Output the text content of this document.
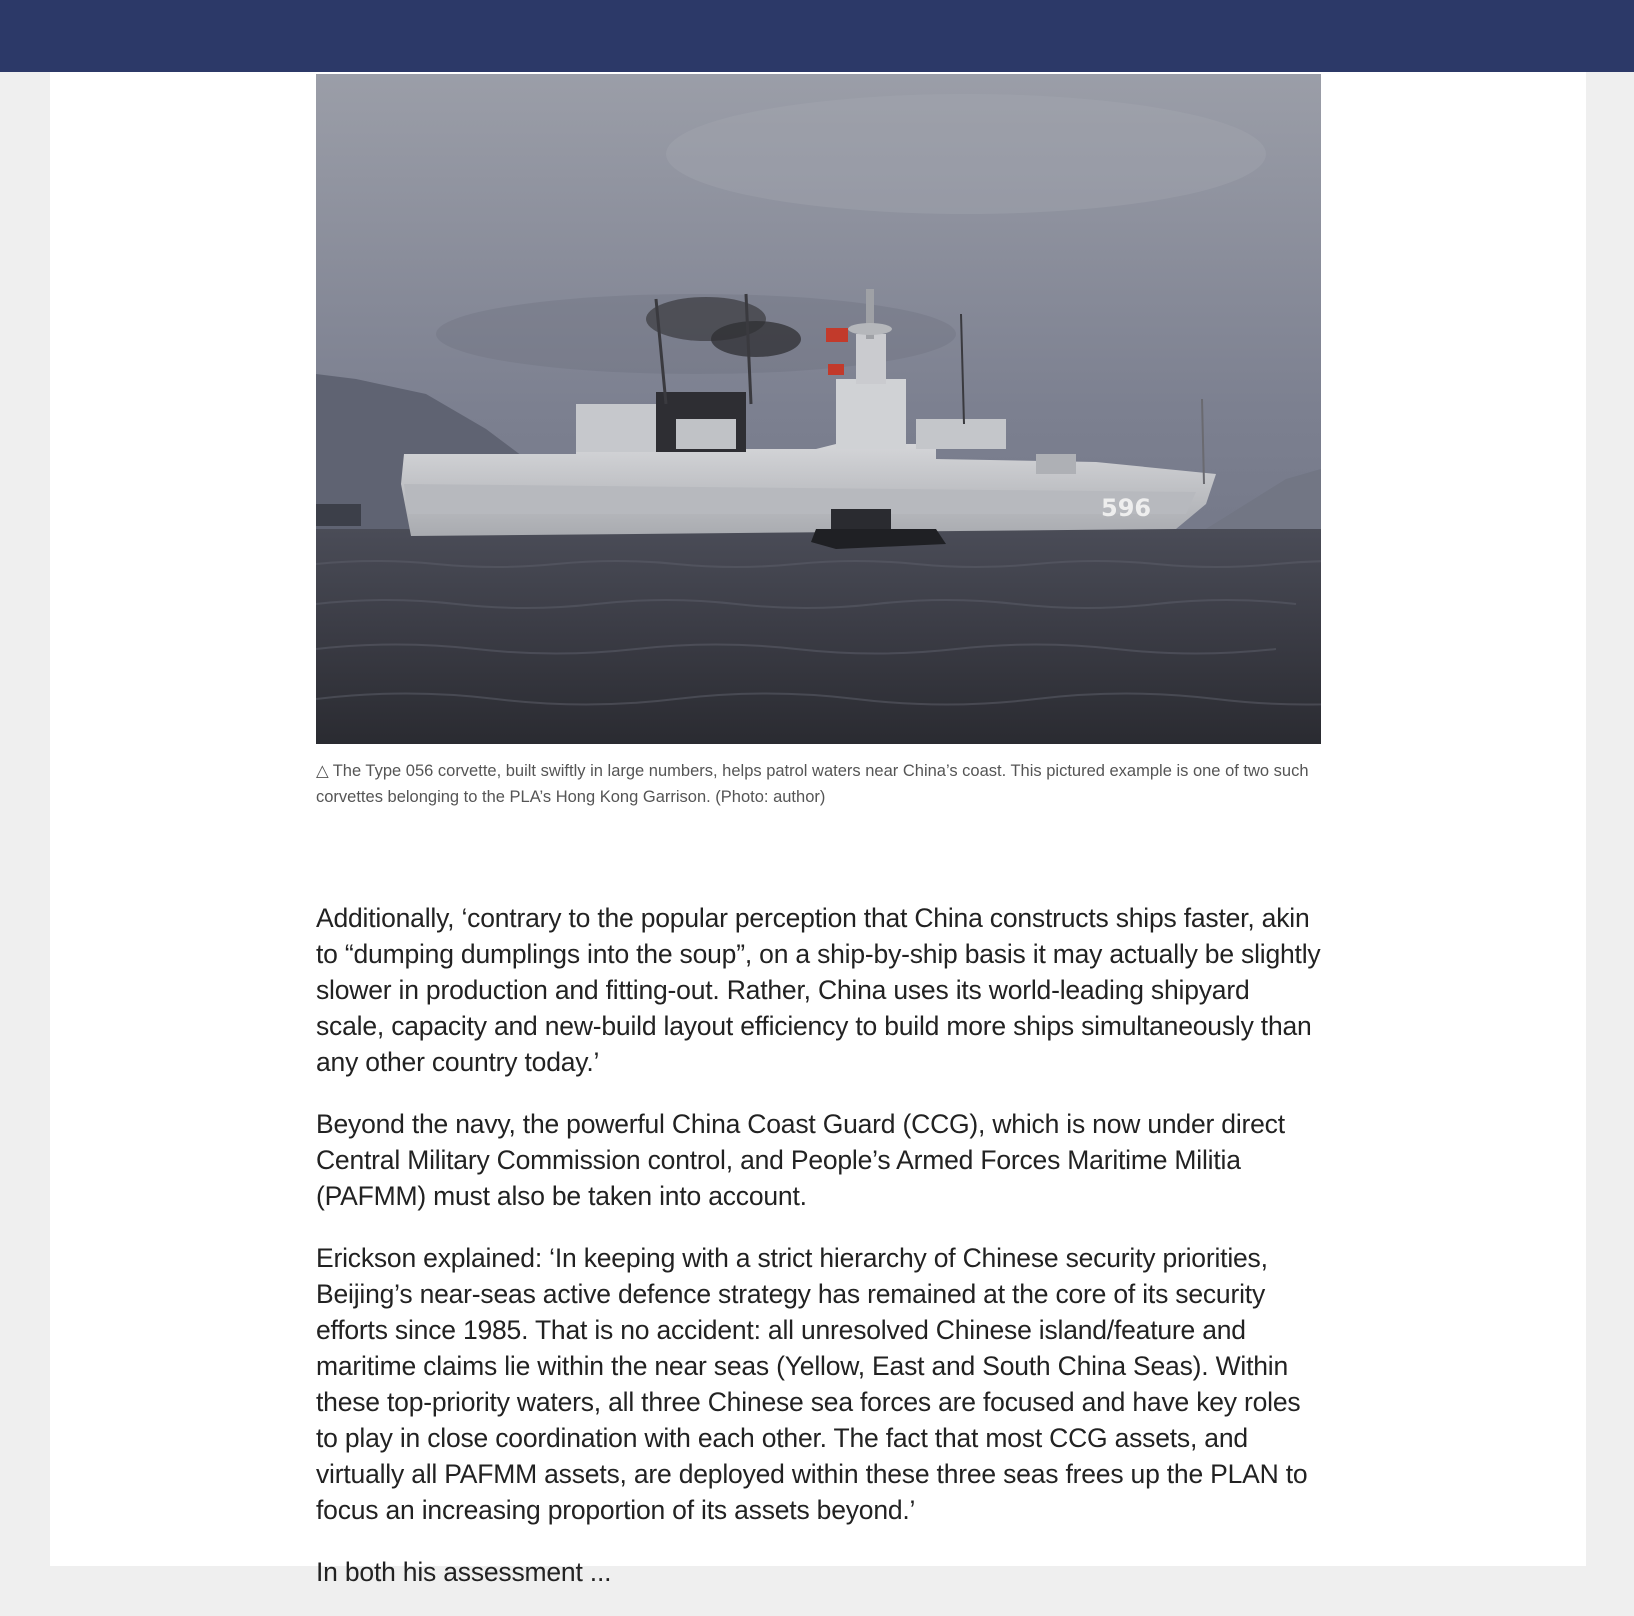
596
△ The Type 056 corvette, built swiftly in large numbers, helps patrol waters near China’s coast. This pictured example is one of two such corvettes belonging to the PLA’s Hong Kong Garrison. (Photo: author)

Additionally, ‘contrary to the popular perception that China constructs ships faster, akin to “dumping dumplings into the soup”, on a ship-by-ship basis it may actually be slightly slower in production and fitting-out. Rather, China uses its world-leading shipyard scale, capacity and new-build layout efficiency to build more ships simultaneously than any other country today.’

Beyond the navy, the powerful China Coast Guard (CCG), which is now under direct Central Military Commission control, and People’s Armed Forces Maritime Militia (PAFMM) must also be taken into account.

Erickson explained: ‘In keeping with a strict hierarchy of Chinese security priorities, Beijing’s near-seas active defence strategy has remained at the core of its security efforts since 1985. That is no accident: all unresolved Chinese island/feature and maritime claims lie within the near seas (Yellow, East and South China Seas). Within these top-priority waters, all three Chinese sea forces are focused and have key roles to play in close coordination with each other. The fact that most CCG assets, and virtually all PAFMM assets, are deployed within these three seas frees up the PLAN to focus an increasing proportion of its assets beyond.’

In both his assessment ...
